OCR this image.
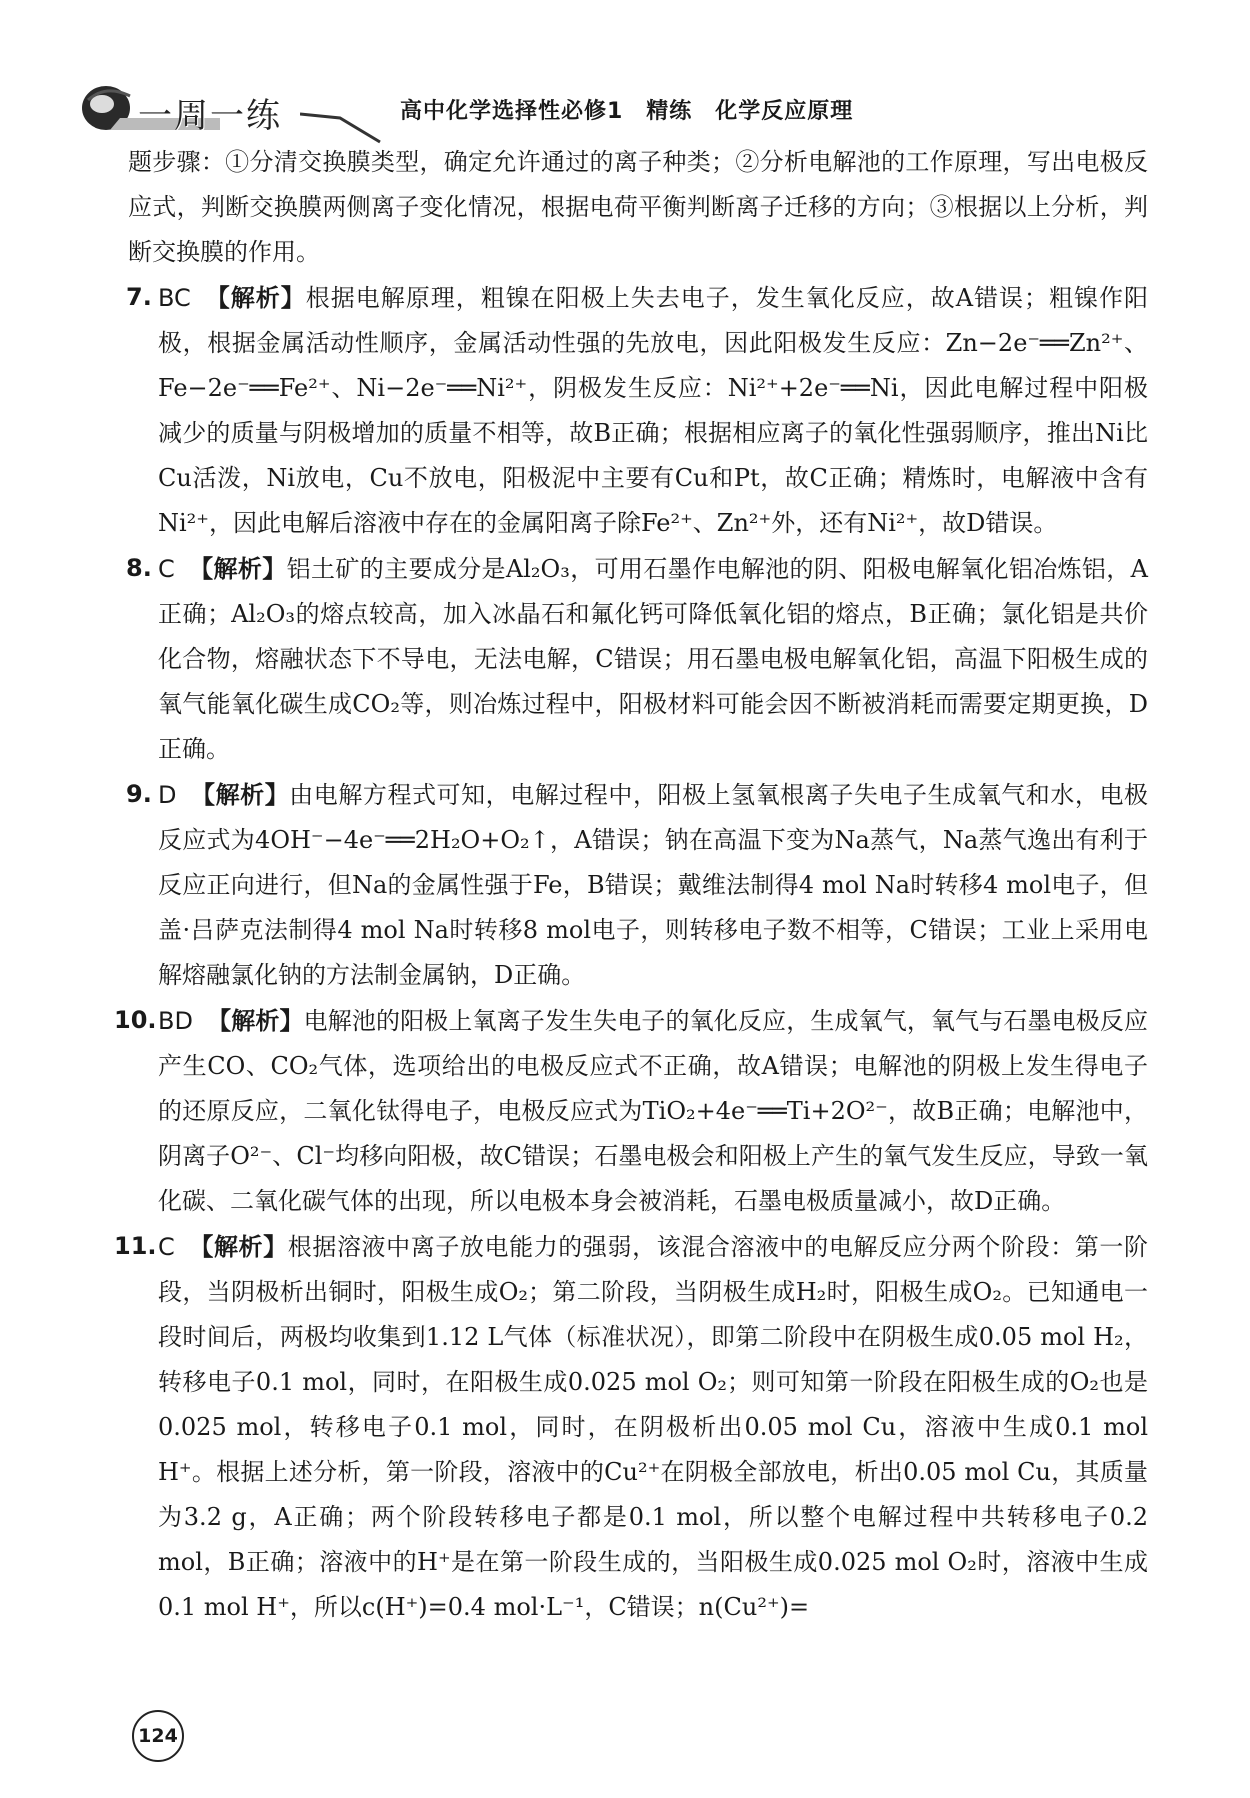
一周一练	高中化学选择性必修1　精练　化学反应原理

题步骤：①分清交换膜类型，确定允许通过的离子种类；②分析电解池的工作原理，写出电极反应式，判断交换膜两侧离子变化情况，根据电荷平衡判断离子迁移的方向；③根据以上分析，判断交换膜的作用。

7. BC 【解析】根据电解原理，粗镍在阳极上失去电子，发生氧化反应，故A错误；粗镍作阳极，根据金属活动性顺序，金属活动性强的先放电，因此阳极发生反应：Zn−2e⁻══Zn²⁺、Fe−2e⁻══Fe²⁺、Ni−2e⁻══Ni²⁺，阴极发生反应：Ni²⁺+2e⁻══Ni，因此电解过程中阳极减少的质量与阴极增加的质量不相等，故B正确；根据相应离子的氧化性强弱顺序，推出Ni比Cu活泼，Ni放电，Cu不放电，阳极泥中主要有Cu和Pt，故C正确；精炼时，电解液中含有Ni²⁺，因此电解后溶液中存在的金属阳离子除Fe²⁺、Zn²⁺外，还有Ni²⁺，故D错误。

8. C 【解析】铝土矿的主要成分是Al₂O₃，可用石墨作电解池的阴、阳极电解氧化铝冶炼铝，A正确；Al₂O₃的熔点较高，加入冰晶石和氟化钙可降低氧化铝的熔点，B正确；氯化铝是共价化合物，熔融状态下不导电，无法电解，C错误；用石墨电极电解氧化铝，高温下阳极生成的氧气能氧化碳生成CO₂等，则冶炼过程中，阳极材料可能会因不断被消耗而需要定期更换，D正确。

9. D 【解析】由电解方程式可知，电解过程中，阳极上氢氧根离子失电子生成氧气和水，电极反应式为4OH⁻−4e⁻══2H₂O+O₂↑，A错误；钠在高温下变为Na蒸气，Na蒸气逸出有利于反应正向进行，但Na的金属性强于Fe，B错误；戴维法制得4 mol Na时转移4 mol电子，但盖·吕萨克法制得4 mol Na时转移8 mol电子，则转移电子数不相等，C错误；工业上采用电解熔融氯化钠的方法制金属钠，D正确。

10. BD 【解析】电解池的阳极上氧离子发生失电子的氧化反应，生成氧气，氧气与石墨电极反应产生CO、CO₂气体，选项给出的电极反应式不正确，故A错误；电解池的阴极上发生得电子的还原反应，二氧化钛得电子，电极反应式为TiO₂+4e⁻══Ti+2O²⁻，故B正确；电解池中，阴离子O²⁻、Cl⁻均移向阳极，故C错误；石墨电极会和阳极上产生的氧气发生反应，导致一氧化碳、二氧化碳气体的出现，所以电极本身会被消耗，石墨电极质量减小，故D正确。

11. C 【解析】根据溶液中离子放电能力的强弱，该混合溶液中的电解反应分两个阶段：第一阶段，当阴极析出铜时，阳极生成O₂；第二阶段，当阴极生成H₂时，阳极生成O₂。已知通电一段时间后，两极均收集到1.12 L气体（标准状况），即第二阶段中在阴极生成0.05 mol H₂，转移电子0.1 mol，同时，在阳极生成0.025 mol O₂；则可知第一阶段在阳极生成的O₂也是0.025 mol，转移电子0.1 mol，同时，在阴极析出0.05 mol Cu，溶液中生成0.1 mol H⁺。根据上述分析，第一阶段，溶液中的Cu²⁺在阴极全部放电，析出0.05 mol Cu，其质量为3.2 g，A正确；两个阶段转移电子都是0.1 mol，所以整个电解过程中共转移电子0.2 mol，B正确；溶液中的H⁺是在第一阶段生成的，当阳极生成0.025 mol O₂时，溶液中生成0.1 mol H⁺，所以c(H⁺)=0.4 mol·L⁻¹，C错误；n(Cu²⁺)=

124
